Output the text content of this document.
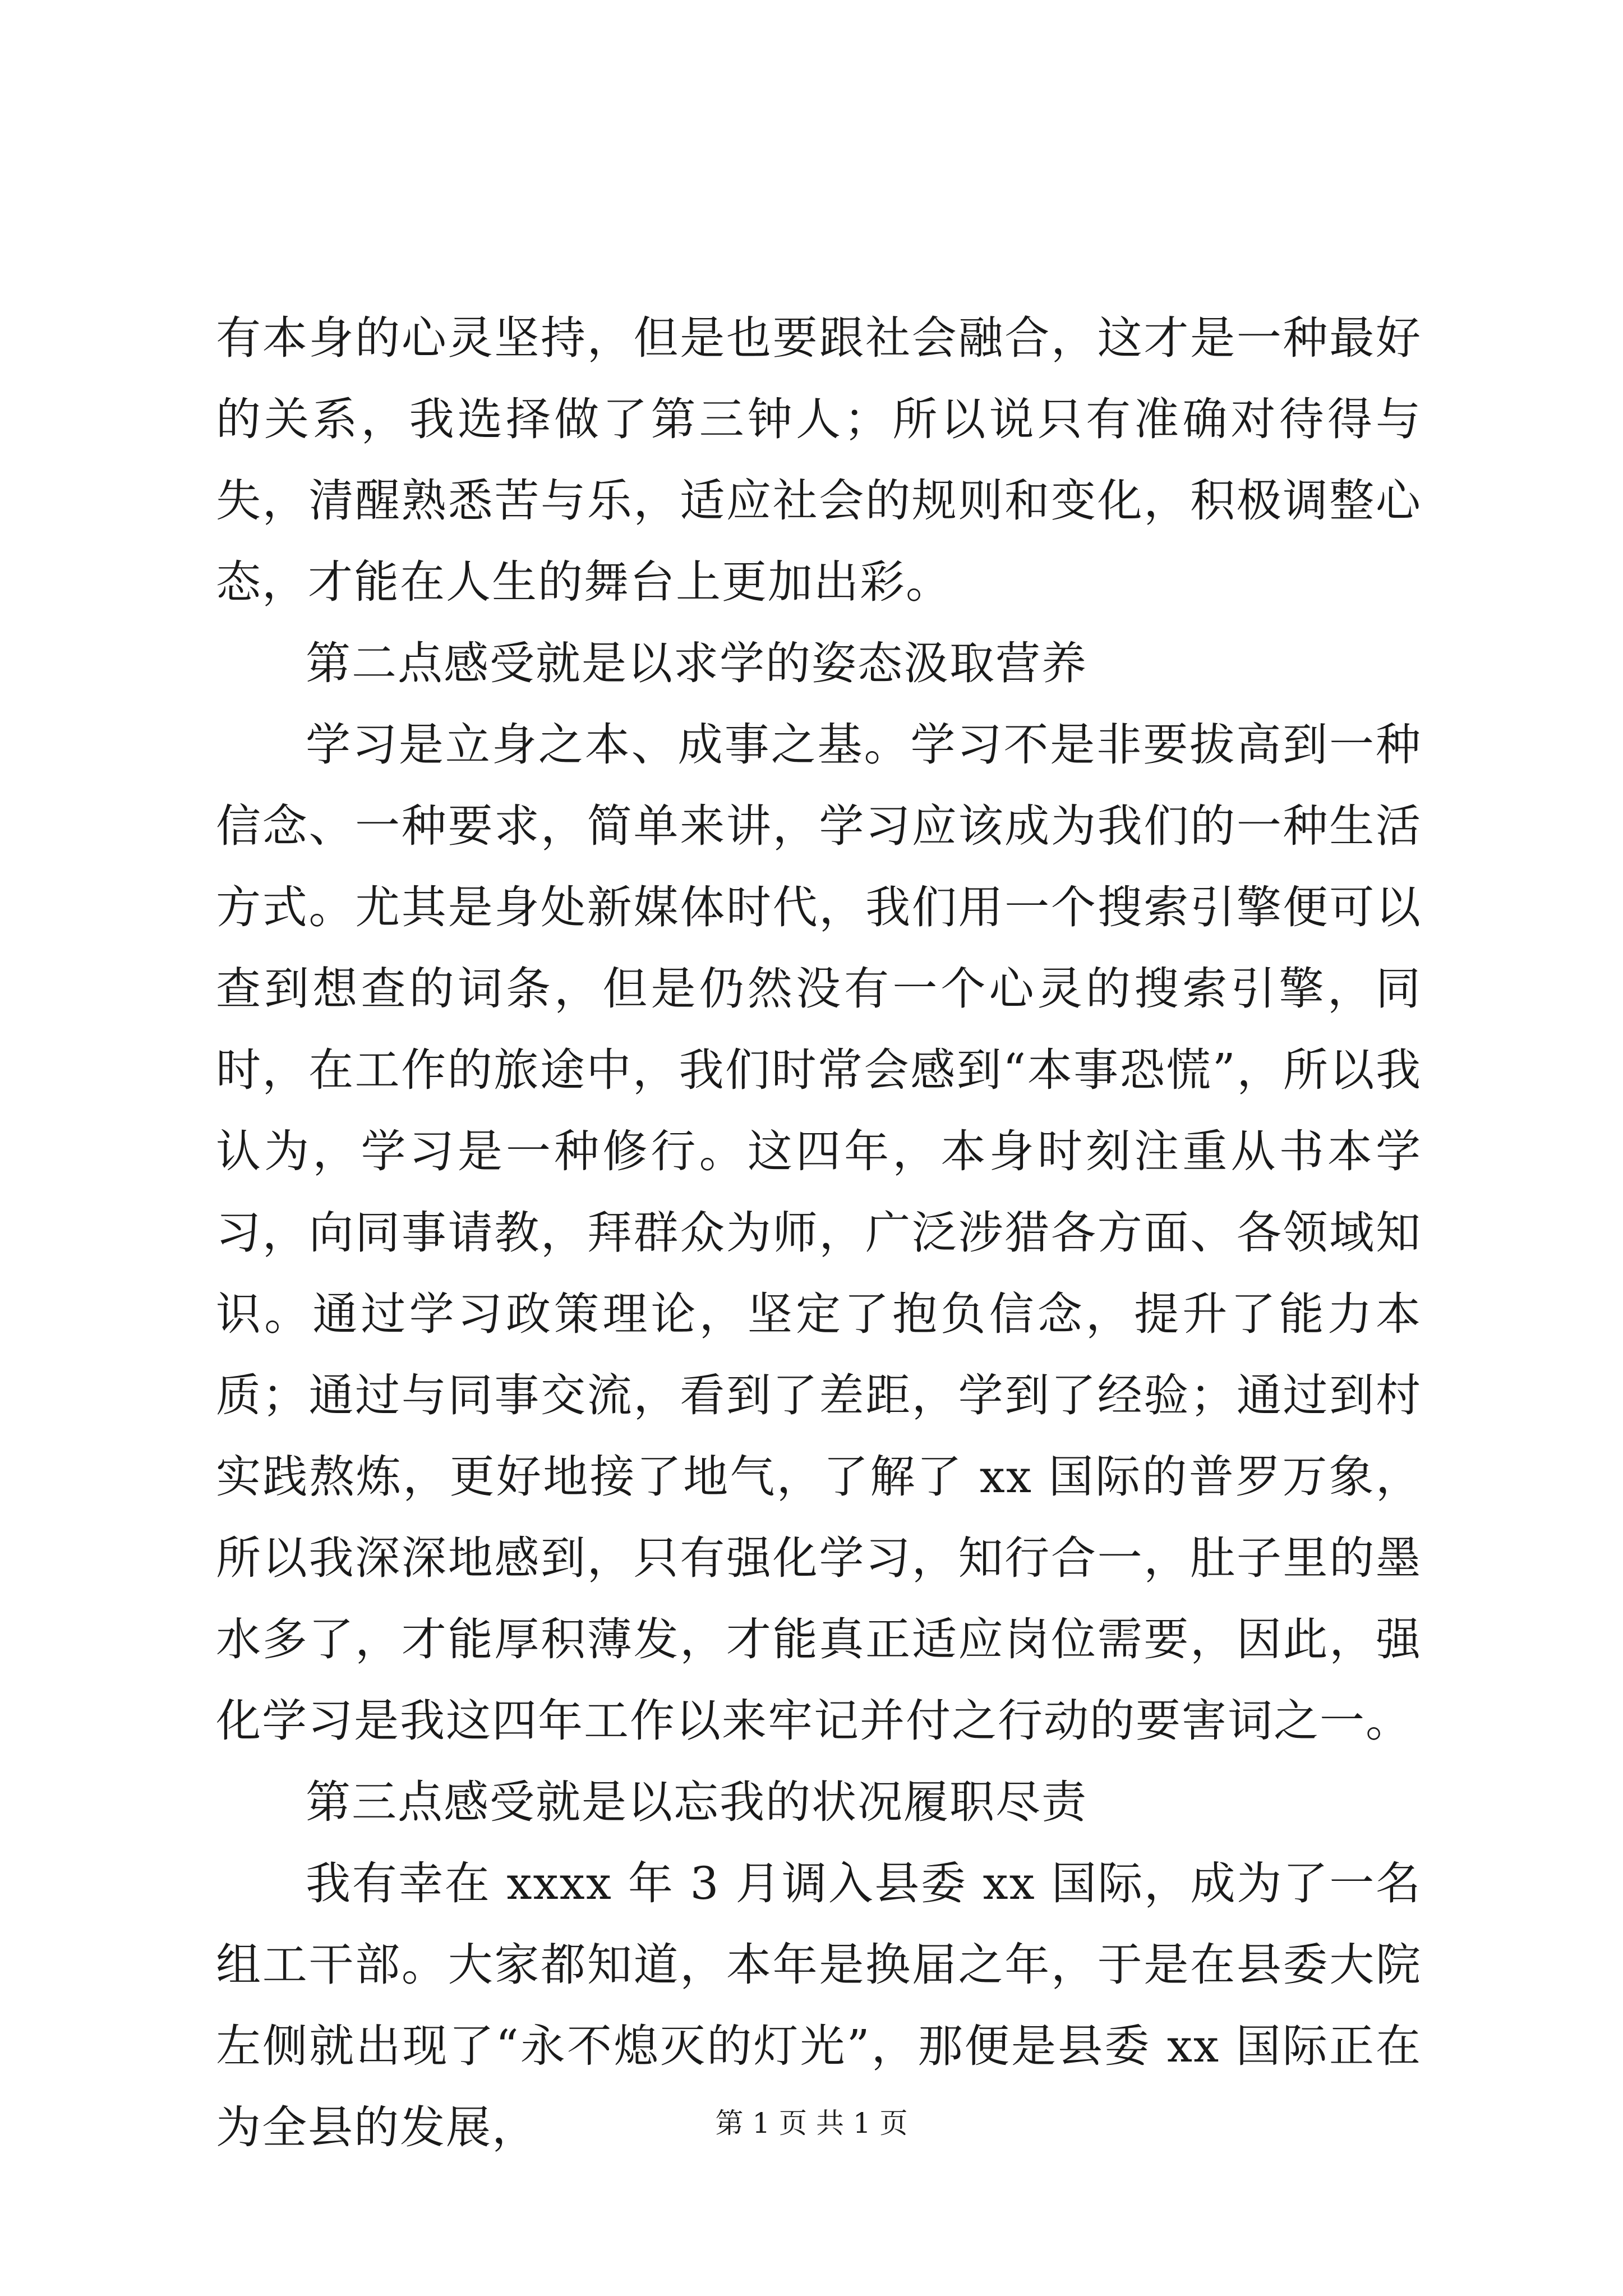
有本身的心灵坚持，但是也要跟社会融合，这才是一种最好的关系，我选择做了第三钟人；所以说只有准确对待得与失，清醒熟悉苦与乐，适应社会的规则和变化，积极调整心态，才能在人生的舞台上更加出彩。

第二点感受就是以求学的姿态汲取营养

学习是立身之本、成事之基。学习不是非要拔高到一种信念、一种要求，简单来讲，学习应该成为我们的一种生活方式。尤其是身处新媒体时代，我们用一个搜索引擎便可以查到想查的词条，但是仍然没有一个心灵的搜索引擎，同时，在工作的旅途中，我们时常会感到“本事恐慌”，所以我认为，学习是一种修行。这四年，本身时刻注重从书本学习，向同事请教，拜群众为师，广泛涉猎各方面、各领域知识。通过学习政策理论，坚定了抱负信念，提升了能力本质；通过与同事交流，看到了差距，学到了经验；通过到村实践熬炼，更好地接了地气，了解了 xx 国际的普罗万象，所以我深深地感到，只有强化学习，知行合一，肚子里的墨水多了，才能厚积薄发，才能真正适应岗位需要，因此，强化学习是我这四年工作以来牢记并付之行动的要害词之一。

第三点感受就是以忘我的状况履职尽责

我有幸在 xxxx 年 3 月调入县委 xx 国际，成为了一名组工干部。大家都知道，本年是换届之年，于是在县委大院左侧就出现了“永不熄灭的灯光”，那便是县委 xx 国际正在为全县的发展，	第 1 页 共 1 页
